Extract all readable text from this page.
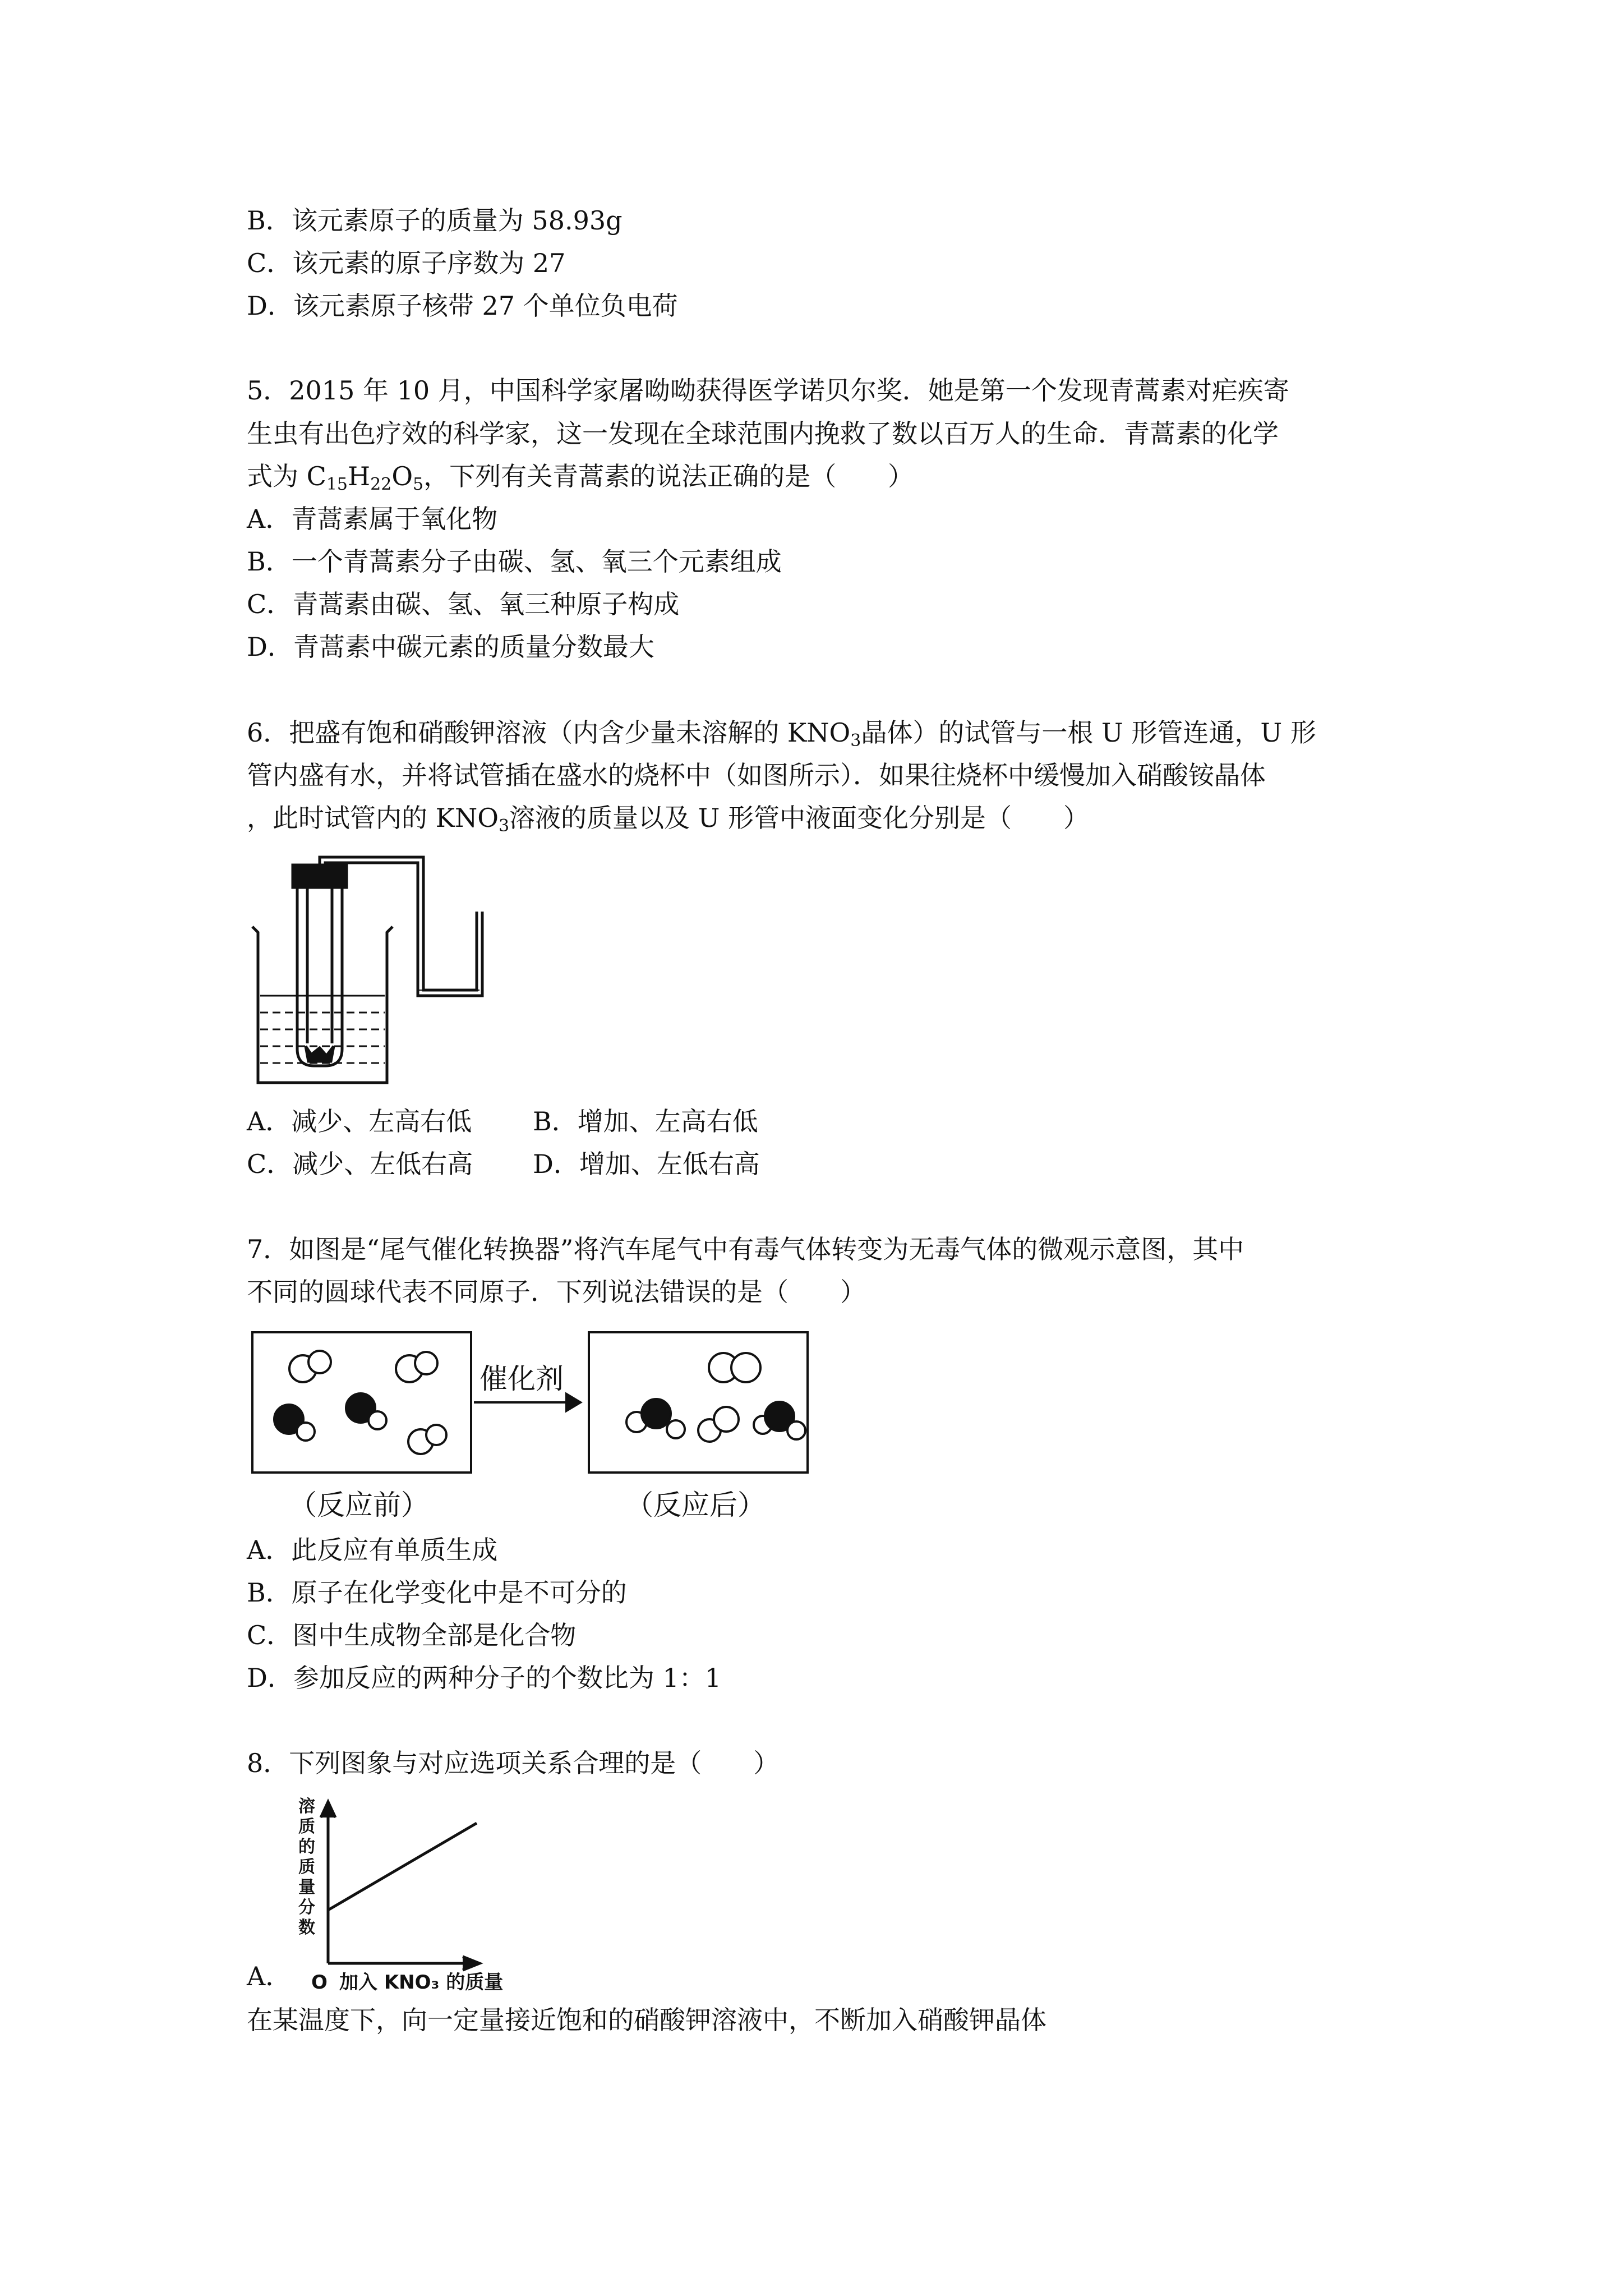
B．该元素原子的质量为 58.93g
C．该元素的原子序数为 27
D．该元素原子核带 27 个单位负电荷
5．2015 年 10 月，中国科学家屠呦呦获得医学诺贝尔奖．她是第一个发现青蒿素对疟疾寄
生虫有出色疗效的科学家，这一发现在全球范围内挽救了数以百万人的生命．青蒿素的化学
式为 $C_{15}H_{22}O_5$，下列有关青蒿素的说法正确的是（　　）
A．青蒿素属于氧化物
B．一个青蒿素分子由碳、氢、氧三个元素组成
C．青蒿素由碳、氢、氧三种原子构成
D．青蒿素中碳元素的质量分数最大
6．把盛有饱和硝酸钾溶液（内含少量未溶解的 $KNO_3$晶体）的试管与一根 U 形管连通，U 形
管内盛有水，并将试管插在盛水的烧杯中（如图所示）．如果往烧杯中缓慢加入硝酸铵晶体
，此时试管内的 $KNO_3$溶液的质量以及 U 形管中液面变化分别是（　　）
A．减少、左高右低 B．增加、左高右低
C．减少、左低右高 D．增加、左低右高
7．如图是“尾气催化转换器”将汽车尾气中有毒气体转变为无毒气体的微观示意图，其中
不同的圆球代表不同原子．下列说法错误的是（　　）
催化剂
（反应前）	（反应后）
A．此反应有单质生成
B．原子在化学变化中是不可分的
C．图中生成物全部是化合物
D．参加反应的两种分子的个数比为 1：1
8．下列图象与对应选项关系合理的是（　　）
溶质的质量分数
O 加入 KNO₃ 的质量
A．
在某温度下，向一定量接近饱和的硝酸钾溶液中，不断加入硝酸钾晶体
